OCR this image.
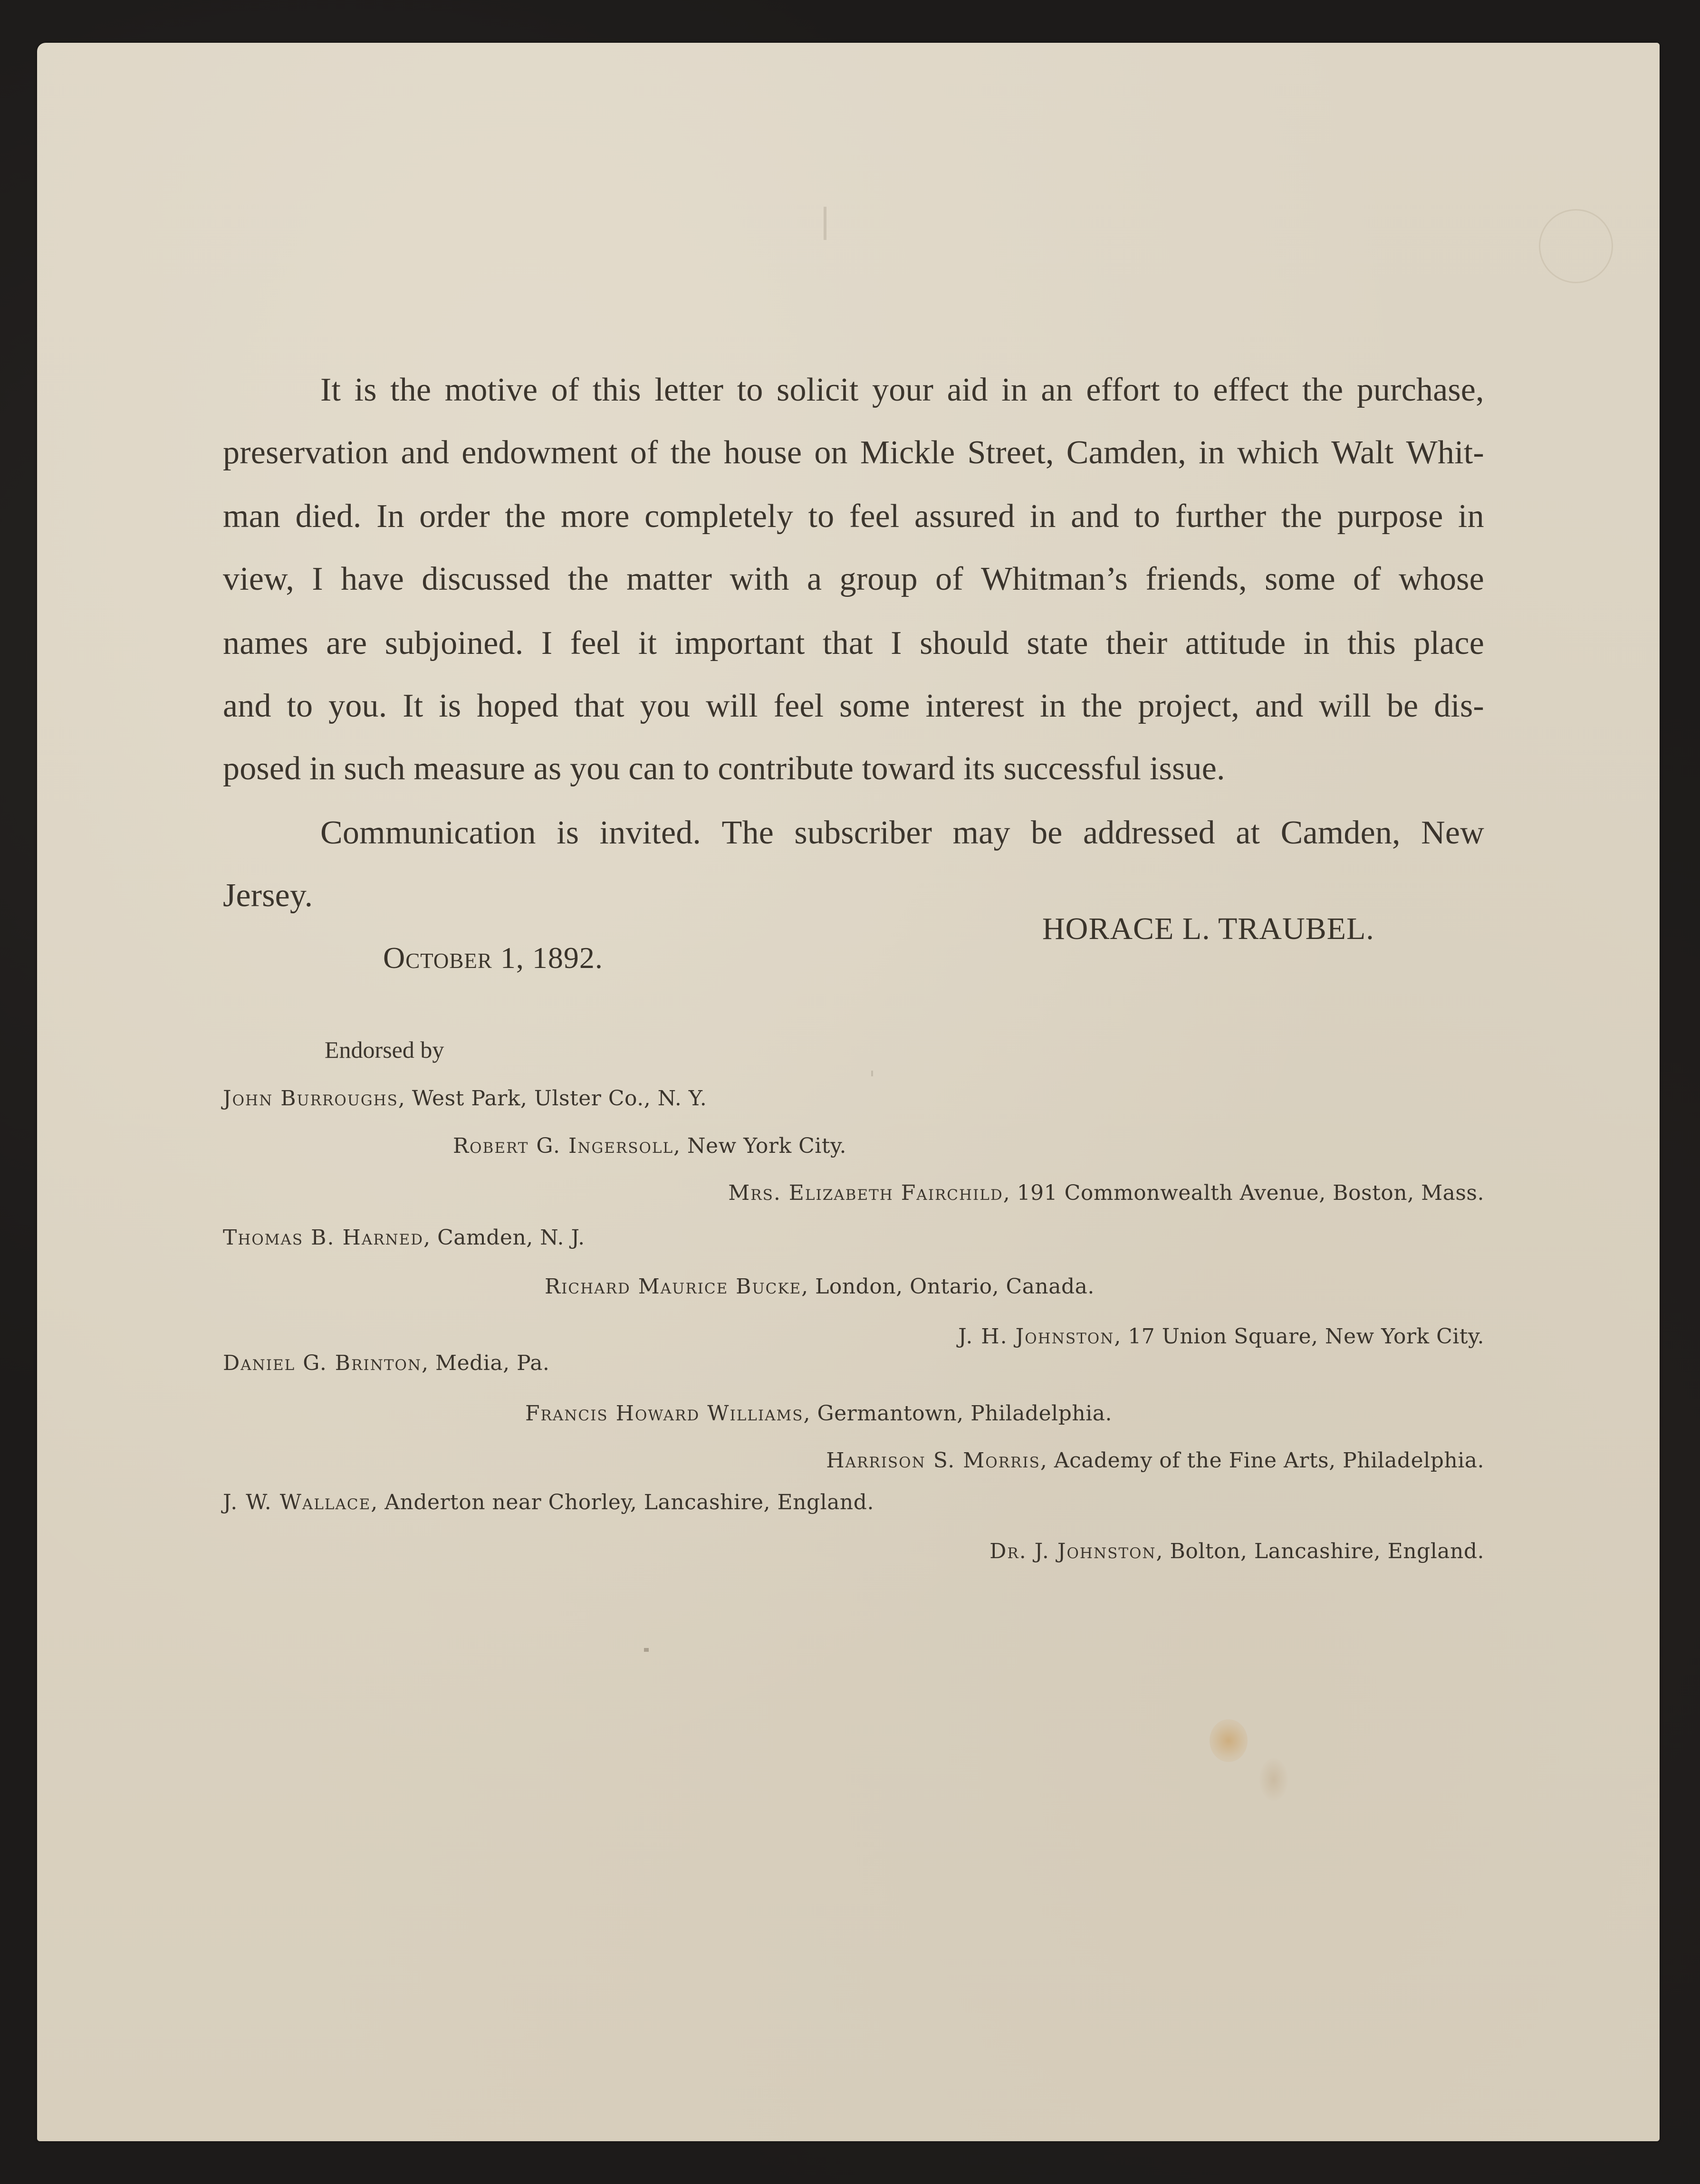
It is the motive of this letter to solicit your aid in an effort to effect the purchase,
preservation and endowment of the house on Mickle Street, Camden, in which Walt Whit-
man died. In order the more completely to feel assured in and to further the purpose in
view, I have discussed the matter with a group of Whitman’s friends, some of whose
names are subjoined. I feel it important that I should state their attitude in this place
and to you. It is hoped that you will feel some interest in the project, and will be dis-
posed in such measure as you can to contribute toward its successful issue.
Communication is invited. The subscriber may be addressed at Camden, New
Jersey.
HORACE L. TRAUBEL.
October 1, 1892.
Endorsed by
John Burroughs, West Park, Ulster Co., N. Y.
Robert G. Ingersoll, New York City.
Mrs. Elizabeth Fairchild, 191 Commonwealth Avenue, Boston, Mass.
Thomas B. Harned, Camden, N. J.
Richard Maurice Bucke, London, Ontario, Canada.
J. H. Johnston, 17 Union Square, New York City.
Daniel G. Brinton, Media, Pa.
Francis Howard Williams, Germantown, Philadelphia.
Harrison S. Morris, Academy of the Fine Arts, Philadelphia.
J. W. Wallace, Anderton near Chorley, Lancashire, England.
Dr. J. Johnston, Bolton, Lancashire, England.
